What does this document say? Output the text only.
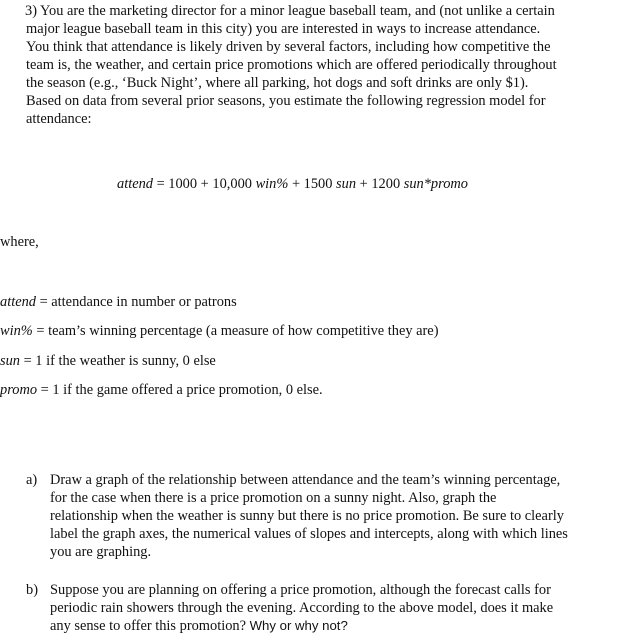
3) You are the marketing director for a minor league baseball team, and (not unlike a certain
major league baseball team in this city) you are interested in ways to increase attendance.
You think that attendance is likely driven by several factors, including how competitive the
team is, the weather, and certain price promotions which are offered periodically throughout
the season (e.g., ‘Buck Night’, where all parking, hot dogs and soft drinks are only $1).
Based on data from several prior seasons, you estimate the following regression model for
attendance:
attend = 1000 + 10,000 win% + 1500 sun + 1200 sun*promo
where,
attend = attendance in number or patrons
win% = team’s winning percentage (a measure of how competitive they are)
sun = 1 if the weather is sunny, 0 else
promo = 1 if the game offered a price promotion, 0 else.
a) Draw a graph of the relationship between attendance and the team’s winning percentage,
for the case when there is a price promotion on a sunny night. Also, graph the
relationship when the weather is sunny but there is no price promotion. Be sure to clearly
label the graph axes, the numerical values of slopes and intercepts, along with which lines
you are graphing.
b) Suppose you are planning on offering a price promotion, although the forecast calls for
periodic rain showers through the evening. According to the above model, does it make
any sense to offer this promotion? Why or why not?
